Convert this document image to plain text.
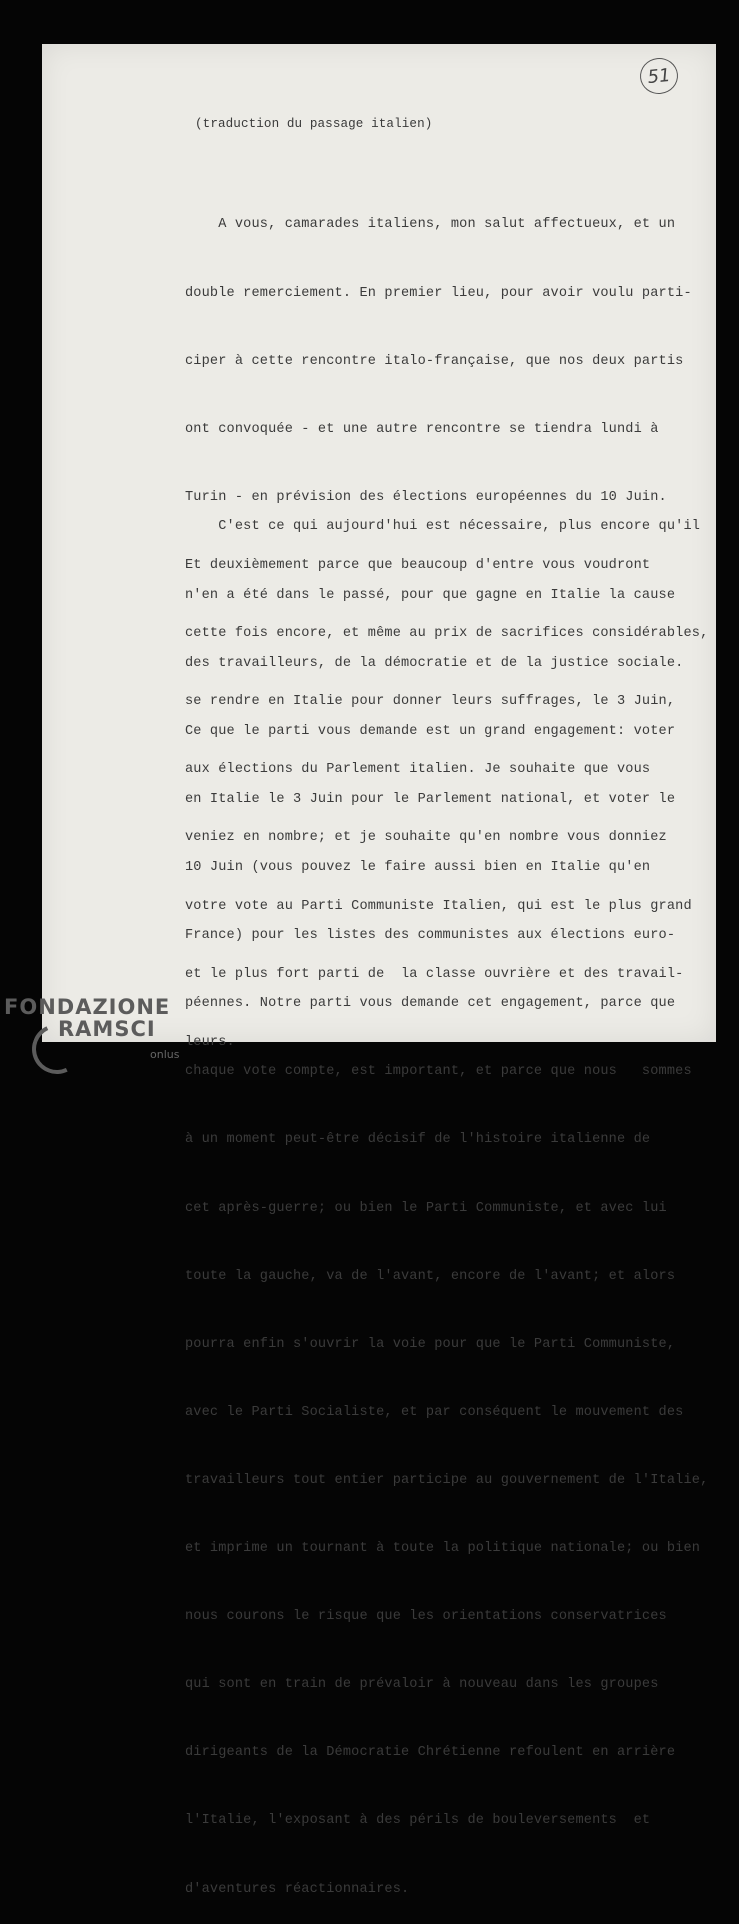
51
(traduction du passage italien)

A vous, camarades italiens, mon salut affectueux, et un

double remerciement. En premier lieu, pour avoir voulu parti-

ciper à cette rencontre italo-française, que nos deux partis

ont convoquée - et une autre rencontre se tiendra lundi à

Turin - en prévision des élections européennes du 10 Juin.

Et deuxièmement parce que beaucoup d'entre vous voudront

cette fois encore, et même au prix de sacrifices considérables,

se rendre en Italie pour donner leurs suffrages, le 3 Juin,

aux élections du Parlement italien. Je souhaite que vous

veniez en nombre; et je souhaite qu'en nombre vous donniez

votre vote au Parti Communiste Italien, qui est le plus grand

et le plus fort parti de  la classe ouvrière et des travail-

leurs.

C'est ce qui aujourd'hui est nécessaire, plus encore qu'il

n'en a été dans le passé, pour que gagne en Italie la cause

des travailleurs, de la démocratie et de la justice sociale.

Ce que le parti vous demande est un grand engagement: voter

en Italie le 3 Juin pour le Parlement national, et voter le

10 Juin (vous pouvez le faire aussi bien en Italie qu'en

France) pour les listes des communistes aux élections euro-

péennes. Notre parti vous demande cet engagement, parce que

chaque vote compte, est important, et parce que nous   sommes

à un moment peut-être décisif de l'histoire italienne de

cet après-guerre; ou bien le Parti Communiste, et avec lui

toute la gauche, va de l'avant, encore de l'avant; et alors

pourra enfin s'ouvrir la voie pour que le Parti Communiste,

avec le Parti Socialiste, et par conséquent le mouvement des

travailleurs tout entier participe au gouvernement de l'Italie,

et imprime un tournant à toute la politique nationale; ou bien

nous courons le risque que les orientations conservatrices

qui sont en train de prévaloir à nouveau dans les groupes

dirigeants de la Démocratie Chrétienne refoulent en arrière

l'Italie, l'exposant à des périls de bouleversements  et

d'aventures réactionnaires.

FONDAZIONE
RAMSCI
onlus
